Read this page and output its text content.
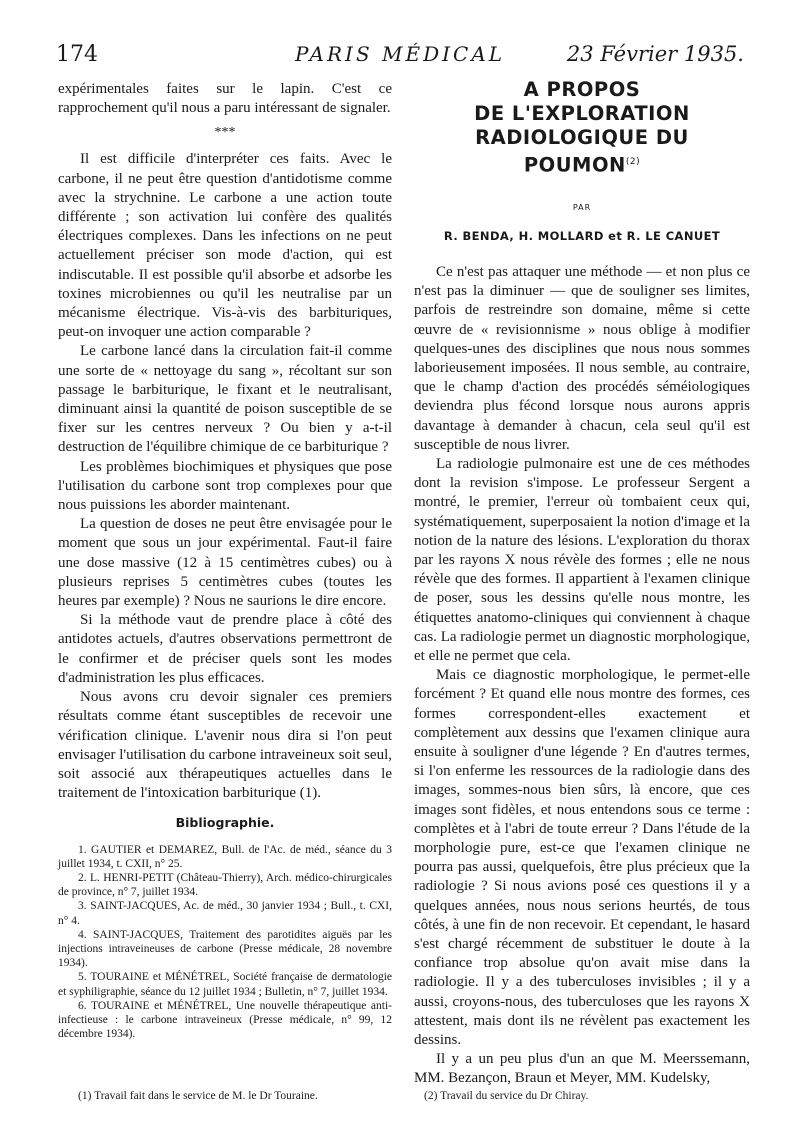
174	PARIS MÉDICAL	23 Février 1935.

expérimentales faites sur le lapin. C'est ce rapprochement qu'il nous a paru intéressant de signaler.

***

Il est difficile d'interpréter ces faits. Avec le carbone, il ne peut être question d'antidotisme comme avec la strychnine. Le carbone a une action toute différente ; son activation lui confère des qualités électriques complexes. Dans les infections on ne peut actuellement préciser son mode d'action, qui est indiscutable. Il est possible qu'il absorbe et adsorbe les toxines microbiennes ou qu'il les neutralise par un mécanisme électrique. Vis-à-vis des barbituriques, peut-on invoquer une action comparable ?

Le carbone lancé dans la circulation fait-il comme une sorte de « nettoyage du sang », récoltant sur son passage le barbiturique, le fixant et le neutralisant, diminuant ainsi la quantité de poison susceptible de se fixer sur les centres nerveux ? Ou bien y a-t-il destruction de l'équilibre chimique de ce barbiturique ?

Les problèmes biochimiques et physiques que pose l'utilisation du carbone sont trop complexes pour que nous puissions les aborder maintenant.

La question de doses ne peut être envisagée pour le moment que sous un jour expérimental. Faut-il faire une dose massive (12 à 15 centimètres cubes) ou à plusieurs reprises 5 centimètres cubes (toutes les heures par exemple) ? Nous ne saurions le dire encore.

Si la méthode vaut de prendre place à côté des antidotes actuels, d'autres observations permettront de le confirmer et de préciser quels sont les modes d'administration les plus efficaces.

Nous avons cru devoir signaler ces premiers résultats comme étant susceptibles de recevoir une vérification clinique. L'avenir nous dira si l'on peut envisager l'utilisation du carbone intraveineux soit seul, soit associé aux thérapeutiques actuelles dans le traitement de l'intoxication barbiturique (1).

Bibliographie.

1. GAUTIER et DEMAREZ, Bull. de l'Ac. de méd., séance du 3 juillet 1934, t. CXII, n° 25.

2. L. HENRI-PETIT (Château-Thierry), Arch. médico-chirurgicales de province, n° 7, juillet 1934.

3. SAINT-JACQUES, Ac. de méd., 30 janvier 1934 ; Bull., t. CXI, n° 4.

4. SAINT-JACQUES, Traitement des parotidites aiguës par les injections intraveineuses de carbone (Presse médicale, 28 novembre 1934).

5. TOURAINE et MÉNÉTREL, Société française de dermatologie et syphiligraphie, séance du 12 juillet 1934 ; Bulletin, n° 7, juillet 1934.

6. TOURAINE et MÉNÉTREL, Une nouvelle thérapeutique anti-infectieuse : le carbone intraveineux (Presse médicale, n° 99, 12 décembre 1934).

A PROPOS
DE L'EXPLORATION
RADIOLOGIQUE DU POUMON$^{(2)}$
PAR
R. BENDA, H. MOLLARD et R. LE CANUET

Ce n'est pas attaquer une méthode — et non plus ce n'est pas la diminuer — que de souligner ses limites, parfois de restreindre son domaine, même si cette œuvre de « revisionnisme » nous oblige à modifier quelques-unes des disciplines que nous nous sommes laborieusement imposées. Il nous semble, au contraire, que le champ d'action des procédés séméiologiques deviendra plus fécond lorsque nous aurons appris davantage à demander à chacun, cela seul qu'il est susceptible de nous livrer.

La radiologie pulmonaire est une de ces méthodes dont la revision s'impose. Le professeur Sergent a montré, le premier, l'erreur où tombaient ceux qui, systématiquement, superposaient la notion d'image et la notion de la nature des lésions. L'exploration du thorax par les rayons X nous révèle des formes ; elle ne nous révèle que des formes. Il appartient à l'examen clinique de poser, sous les dessins qu'elle nous montre, les étiquettes anatomo-cliniques qui conviennent à chaque cas. La radiologie permet un diagnostic morphologique, et elle ne permet que cela.

Mais ce diagnostic morphologique, le permet-elle forcément ? Et quand elle nous montre des formes, ces formes correspondent-elles exactement et complètement aux dessins que l'examen clinique aura ensuite à souligner d'une légende ? En d'autres termes, si l'on enferme les ressources de la radiologie dans des images, sommes-nous bien sûrs, là encore, que ces images sont fidèles, et nous entendons sous ce terme : complètes et à l'abri de toute erreur ? Dans l'étude de la morphologie pure, est-ce que l'examen clinique ne pourra pas aussi, quelquefois, être plus précieux que la radiologie ? Si nous avions posé ces questions il y a quelques années, nous nous serions heurtés, de tous côtés, à une fin de non recevoir. Et cependant, le hasard s'est chargé récemment de substituer le doute à la confiance trop absolue qu'on avait mise dans la radiologie. Il y a des tuberculoses invisibles ; il y a aussi, croyons-nous, des tuberculoses que les rayons X attestent, mais dont ils ne révèlent pas exactement les dessins.

Il y a un peu plus d'un an que M. Meerssemann, MM. Bezançon, Braun et Meyer, MM. Kudelsky,

(1) Travail fait dans le service de M. le Dr Touraine.	(2) Travail du service du Dr Chiray.
